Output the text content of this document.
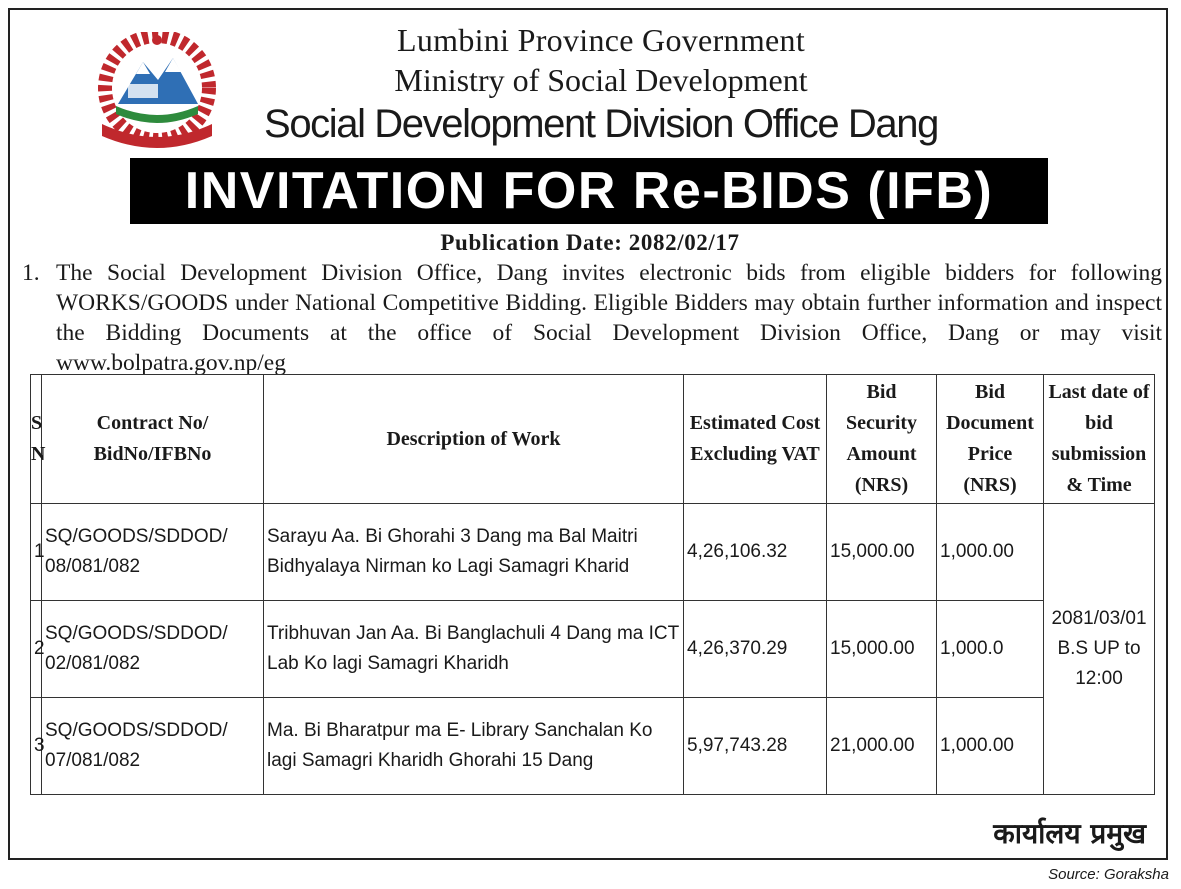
Lumbini Province Government
Ministry of Social Development
Social Development Division Office Dang
INVITATION FOR Re-BIDS (IFB)
Publication Date: 2082/02/17
1. The Social Development Division Office, Dang invites electronic bids from eligible bidders for following WORKS/GOODS under National Competitive Bidding. Eligible Bidders may obtain further information and inspect the Bidding Documents at the office of Social Development Division Office, Dang or may visit www.bolpatra.gov.np/eg
कार्यालय प्रमुख
S N	Contract No/ BidNo/IFBNo	Description of Work	Estimated Cost Excluding VAT	Bid Security Amount (NRS)	Bid Document Price (NRS)	Last date of bid submission & Time
1	SQ/GOODS/SDDOD/ 08/081/082	Sarayu Aa. Bi Ghorahi 3 Dang ma Bal Maitri Bidhyalaya Nirman ko Lagi Samagri Kharid	4,26,106.32	15,000.00	1,000.00	2081/03/01 B.S UP to 12:00
2	SQ/GOODS/SDDOD/ 02/081/082	Tribhuvan Jan Aa. Bi Banglachuli 4 Dang ma ICT Lab Ko lagi Samagri Kharidh	4,26,370.29	15,000.00	1,000.0	
3	SQ/GOODS/SDDOD/ 07/081/082	Ma. Bi Bharatpur ma E- Library Sanchalan Ko lagi Samagri Kharidh Ghorahi 15 Dang	5,97,743.28	21,000.00	1,000.00	
Source: Goraksha
